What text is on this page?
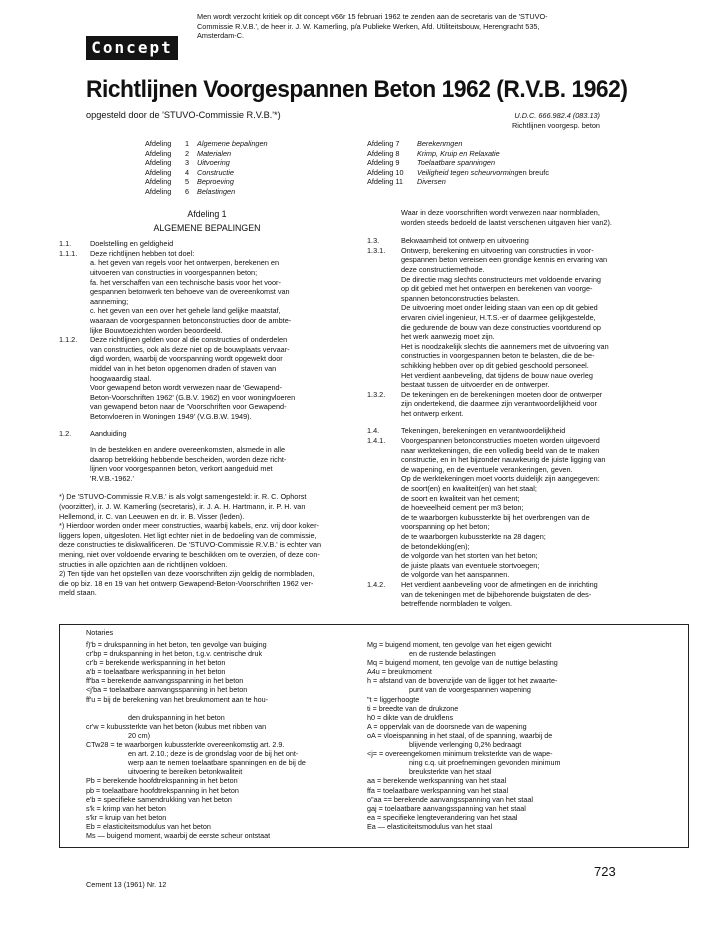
Concept
Men wordt verzocht kritiek op dit concept v66r 15 februari 1962 te zenden aan de secretaris van de 'STUVO-
Commissie R.V.B.', de heer ir. J. W. Kamerling, p/a Publieke Werken, Afd. Utiliteitsbouw, Herengracht 535,
Amsterdam-C.
Richtlijnen Voorgespannen Beton 1962 (R.V.B. 1962)
opgesteld door de 'STUVO-Commissie R.V.B.'*)	U.D.C. 666.982.4 (083.13)
Richtlijnen voorgesp. beton
Afdeling	1	Algemene bepalingen
Afdeling	2	Materialen
Afdeling	3	Uitvoering
Afdeling	4	Constructie
Afdeling	5	Beproeving
Afdeling	6	Belastingen
Afdeling 7	Berekenmgen
Afdeling 8	Krimp, Kruip en Relaxatie
Afdeling 9	Toelaatbare spanningen
Afdeling 10	Veiligheid tegen scheurvorming en breufc
Afdeling 11	Diversen
Afdeling 1
ALGEMENE BEPALINGEN
1.1.	Doelstelling en geldigheid
1.1.1.	Deze richtlijnen hebben tot doel:
a. het geven van regels voor het ontwerpen, berekenen en
uitvoeren van constructies in voorgespannen beton;
fa. het verschaffen van een technische basis voor het voor-
gespannen betonwerk ten behoeve van de overeenkomst van
aanneming;
c. het geven van een over het gehele land gelijke maatstaf,
waaraan de voorgespannen betonconstructies door de ambte-
lijke Bouwtoezichten worden beoordeeld.
1.1.2.	Deze richtlijnen gelden voor al die constructies of onderdelen
van constructies, ook als deze niet op de bouwplaats vervaar-
digd worden, waarbij de voorspanning wordt opgewekt door
middel van in het beton opgenomen draden of staven van
hoogwaardig staal.
Voor gewapend beton wordt verwezen naar de 'Gewapend-
Beton-Voorschriften 1962' (G.B.V. 1962) en voor woningvloeren
van gewapend beton naar de 'Voorschriften voor Gewapend-
Betonvloeren in Woningen 1949' (V.G.B.W. 1949).
1.2.	Aanduiding
In de bestekken en andere overeenkomsten, alsmede in alle
daarop betrekking hebbende bescheiden, worden deze richt-
lijnen voor voorgespannen beton, verkort aangeduid met
'R.V.B.-1962.'
*) De 'STUVO-Commissie R.V.B.' is als volgt samengesteld: ir. R. C. Ophorst
(voorzitter), ir. J. W. Kamerling (secretaris), ir. J. A. H. Hartmann, ir. P. H. van
Hellemond, ir. C. van Leeuwen en dr. ir. B. Visser (leden).
*) Hierdoor worden onder meer constructies, waarbij kabels, enz. vrij door koker-
liggers lopen, uitgesloten. Het ligt echter niet in de bedoeling van de commissie,
deze constructies te diskwalificeren. De 'STUVO-Commissie R.V.B.' is echter van
mening, niet over voldoende ervaring te beschikken om te overzien, of deze con-
structies in alle opzichten aan de richtlijnen voldoen.
2) Ten tijde van het opstellen van deze voorschriften zijn geldig de normbladen,
die op biz. 18 en 19 van het ontwerp Gewapend-Beton-Voorschriften 1962 ver-
meld staan.
Waar in deze voorschriften wordt verwezen naar normbladen,
worden steeds bedoeld de laatst verschenen uitgaven hier van2).
1.3.	Bekwaamheid tot ontwerp en uitvoering
1.3.1.	Ontwerp, berekening en uitvoering van constructies in voor-
gespannen beton vereisen een grondige kennis en ervaring van
deze constructiemethode.
De directie mag slechts constructeurs met voldoende ervaring
op dit gebied met het ontwerpen en berekenen van voorge-
spannen betonconstructies belasten.
De uitvoering moet onder leiding staan van een op dit gebied
ervaren civiel ingenieur, H.T.S.-er of daarmee gelijkgestelde,
die gedurende de bouw van deze constructies voortdurend op
het werk aanwezig moet zijn.
Het is noodzakelijk slechts die aannemers met de uitvoering van
constructies in voorgespannen beton te belasten, die de be-
schikking hebben over op dit gebied geschoold personeel.
Het verdient aanbeveling, dat tijdens de bouw naue overleg
bestaat tussen de uitvoerder en de ontwerper.
1.3.2.	De tekeningen en de berekeningen moeten door de ontwerper
zijn ondertekend, die daarmee zijn verantwoordelijkheid voor
het ontwerp erkent.
1.4.	Tekeningen, berekeningen en verantwoordelijkheid
1.4.1.	Voorgespannen betonconstructies moeten worden uitgevoerd
naar werktekeningen, die een volledig beeld van de te maken
constructie, en in het bijzonder nauwkeurig de juiste ligging van
de wapening, en de eventuele verankeringen, geven.
Op de werktekeningen moet voorts duidelijk zijn aangegeven:
de soort(en) en kwaliteit(en) van het staal;
de soort en kwaliteit van het cement;
de hoeveelheid cement per m3 beton;
de te waarborgen kubussterkte bij het overbrengen van de
voorspanning op het beton;
de te waarborgen kubussterkte na 28 dagen;
de betondekking(en);
de volgorde van het storten van het beton;
de juiste plaats van eventuele stortvoegen;
de volgorde van het aanspannen.
1.4.2.	Het verdient aanbeveling voor de afmetingen en de inrichting
van de tekeningen met de bijbehorende buigstaten de des-
betreffende normbladen te volgen.
Notaries
f)'b = drukspanning in het beton, ten gevolge van buiging
cr'bp = drukspanning in het beton, t.g.v. centrische druk
cr'b = berekende werkspanning in het beton
a'b = toelaatbare werkspanning in het beton
ff'ba = berekende aanvangsspanning in het beton
<j'ba = toelaatbare aanvangsspanning in het beton
ff'u = bij de berekening van het breukmoment aan te hou-
den drukspanning in het beton
cr'w = kubussterkte van het beton (kubus met ribben van
20 cm)
CTw28 = te waarborgen kubussterkte overeenkomstig art. 2.9.
en art. 2.10.; deze is de grondslag voor de bij het ont-
werp aan te nemen toelaatbare spanningen en de bij de
uitvoering te bereiken betonkwaliteit
Pb = berekende hoofdtrekspanning in het beton
pb = toelaatbare hoofdtrekspanning in het beton
e'b = specifieke samendrukking van het beton
s'k = krimp van het beton
s'kr = kruip van het beton
Eb = elasticiteitsmodulus van het beton
Ms — buigend moment, waarbij de eerste scheur ontstaat
Mg = buigend moment, ten gevolge van het eigen gewicht
en de rustende belastingen
Mq = buigend moment, ten gevolge van de nuttige belasting
A4u = breukmoment
h = afstand van de bovenzijde van de ligger tot het zwaarte-
punt van de voorgespannen wapening
"t = liggerhoogte
ti = breedte van de drukzone
h0 = dikte van de drukflens
A = oppervlak van de doorsnede van de wapening
oA = vloeispanning in het staal, of de spanning, waarbij de
blijvende verlenging 0,2% bedraagt
<j= = overeengekomen minimum treksterkte van de wape-
ning c.q. uit proefnemingen gevonden minimum
breuksterkte van het staal
aa = berekende werkspanning van het staal
ffa = toelaatbare werkspanning van het staal
o"aa == berekende aanvangsspanning van het staal
gaj = toelaatbare aanvangsspanning van het staal
ea = specifieke lengteverandering van het staal
Ea — elasticiteitsmodulus van het staal
723
Cement 13 (1961) Nr. 12
